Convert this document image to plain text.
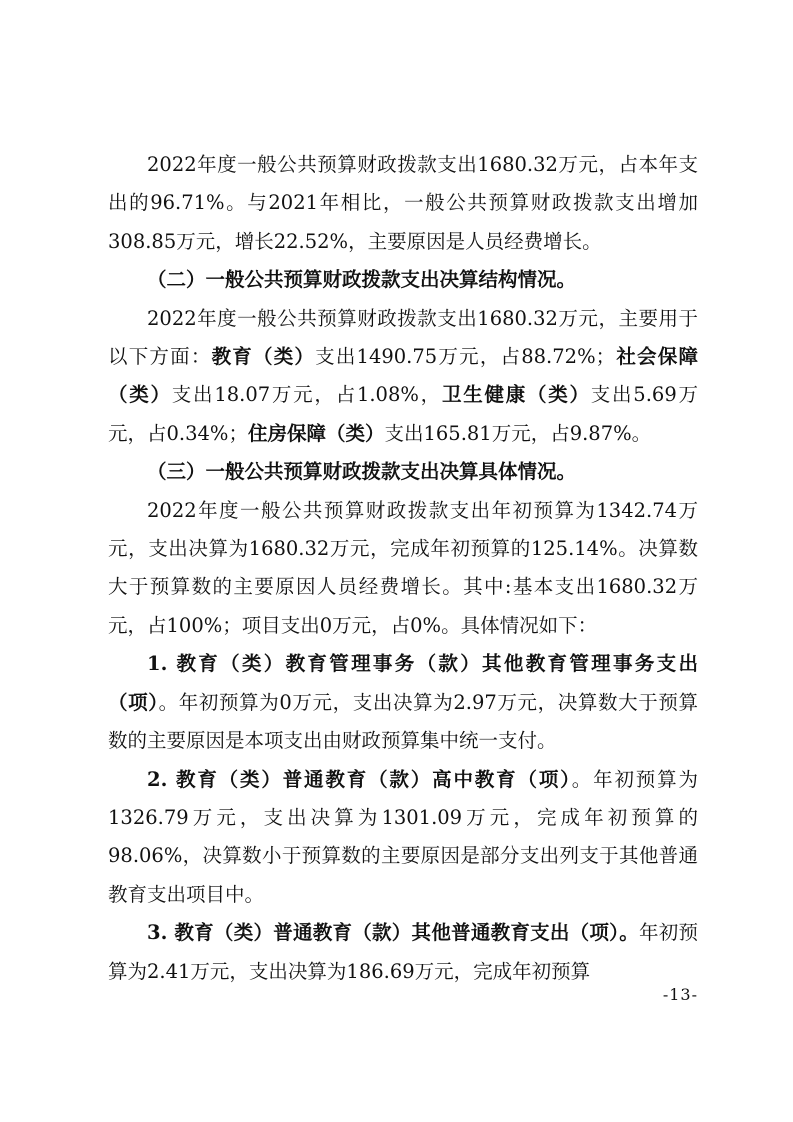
2022年度一般公共预算财政拨款支出1680.32万元，占本年支出的96.71%。与2021年相比，一般公共预算财政拨款支出增加308.85万元，增长22.52%，主要原因是人员经费增长。

（二）一般公共预算财政拨款支出决算结构情况。

2022年度一般公共预算财政拨款支出1680.32万元，主要用于以下方面：教育（类）支出1490.75万元，占88.72%；社会保障（类）支出18.07万元，占1.08%，卫生健康（类）支出5.69万元，占0.34%；住房保障（类）支出165.81万元，占9.87%。

（三）一般公共预算财政拨款支出决算具体情况。

2022年度一般公共预算财政拨款支出年初预算为1342.74万元，支出决算为1680.32万元，完成年初预算的125.14%。决算数大于预算数的主要原因人员经费增长。其中:基本支出1680.32万元，占100%；项目支出0万元，占0%。具体情况如下：

1. 教育（类）教育管理事务（款）其他教育管理事务支出（项）。年初预算为0万元，支出决算为2.97万元，决算数大于预算数的主要原因是本项支出由财政预算集中统一支付。

2. 教育（类）普通教育（款）高中教育（项）。年初预算为1326.79万元，支出决算为1301.09万元，完成年初预算的98.06%，决算数小于预算数的主要原因是部分支出列支于其他普通教育支出项目中。

3. 教育（类）普通教育（款）其他普通教育支出（项）。年初预算为2.41万元，支出决算为186.69万元，完成年初预算

-13-
